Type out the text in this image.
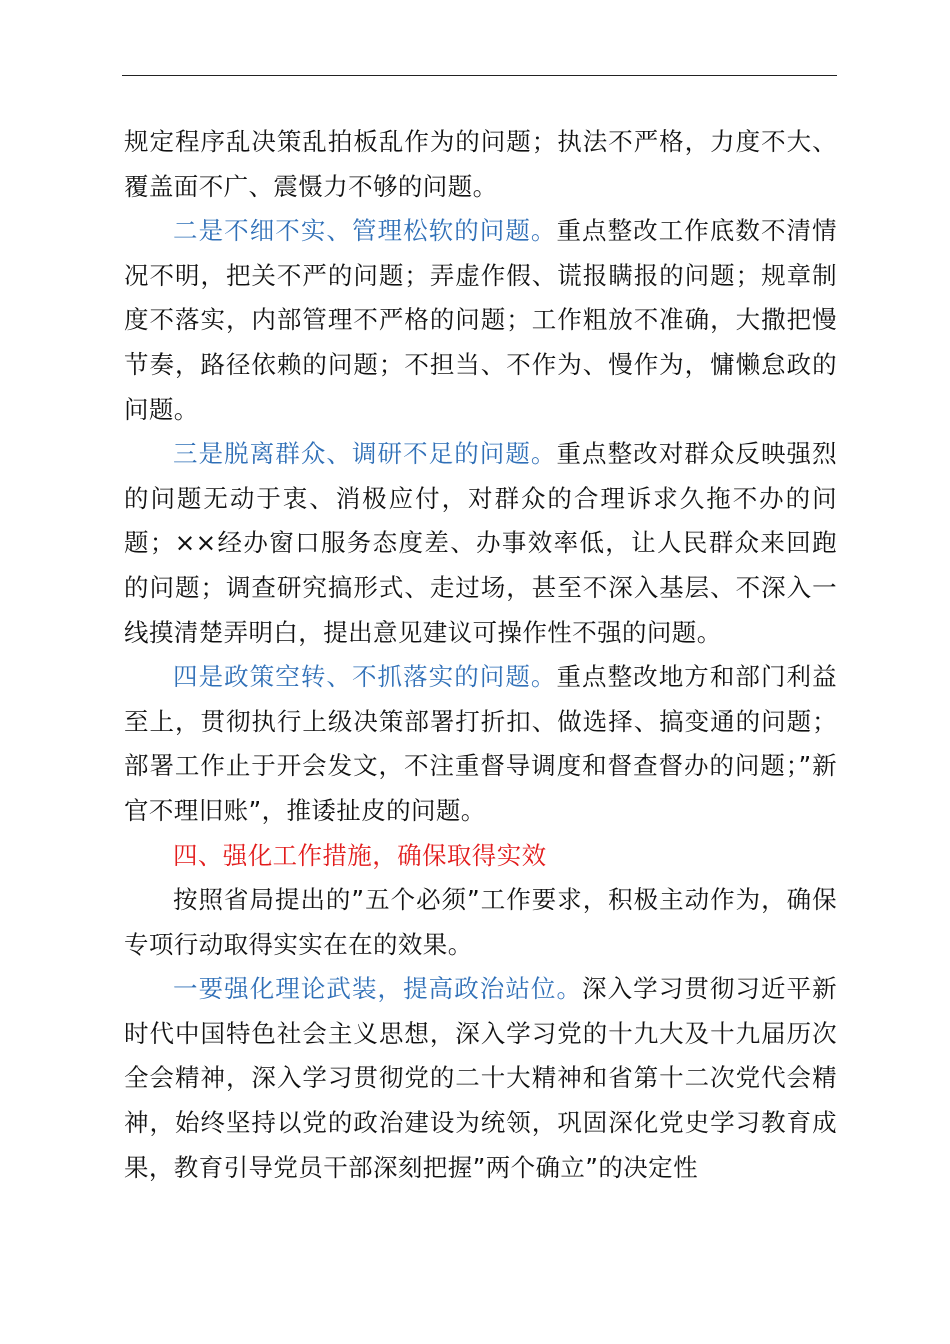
规定程序乱决策乱拍板乱作为的问题；执法不严格，力度不大、覆盖面不广、震慑力不够的问题。

二是不细不实、管理松软的问题。重点整改工作底数不清情况不明，把关不严的问题；弄虚作假、谎报瞒报的问题；规章制度不落实，内部管理不严格的问题；工作粗放不准确，大撒把慢节奏，路径依赖的问题；不担当、不作为、慢作为，慵懒怠政的问题。

三是脱离群众、调研不足的问题。重点整改对群众反映强烈的问题无动于衷、消极应付，对群众的合理诉求久拖不办的问题；××经办窗口服务态度差、办事效率低，让人民群众来回跑的问题；调查研究搞形式、走过场，甚至不深入基层、不深入一线摸清楚弄明白，提出意见建议可操作性不强的问题。

四是政策空转、不抓落实的问题。重点整改地方和部门利益至上，贯彻执行上级决策部署打折扣、做选择、搞变通的问题；部署工作止于开会发文，不注重督导调度和督查督办的问题；”新官不理旧账”，推诿扯皮的问题。

四、强化工作措施，确保取得实效

按照省局提出的”五个必须”工作要求，积极主动作为，确保专项行动取得实实在在的效果。

一要强化理论武装，提高政治站位。深入学习贯彻习近平新时代中国特色社会主义思想，深入学习党的十九大及十九届历次全会精神，深入学习贯彻党的二十大精神和省第十二次党代会精神，始终坚持以党的政治建设为统领，巩固深化党史学习教育成果，教育引导党员干部深刻把握”两个确立”的决定性
